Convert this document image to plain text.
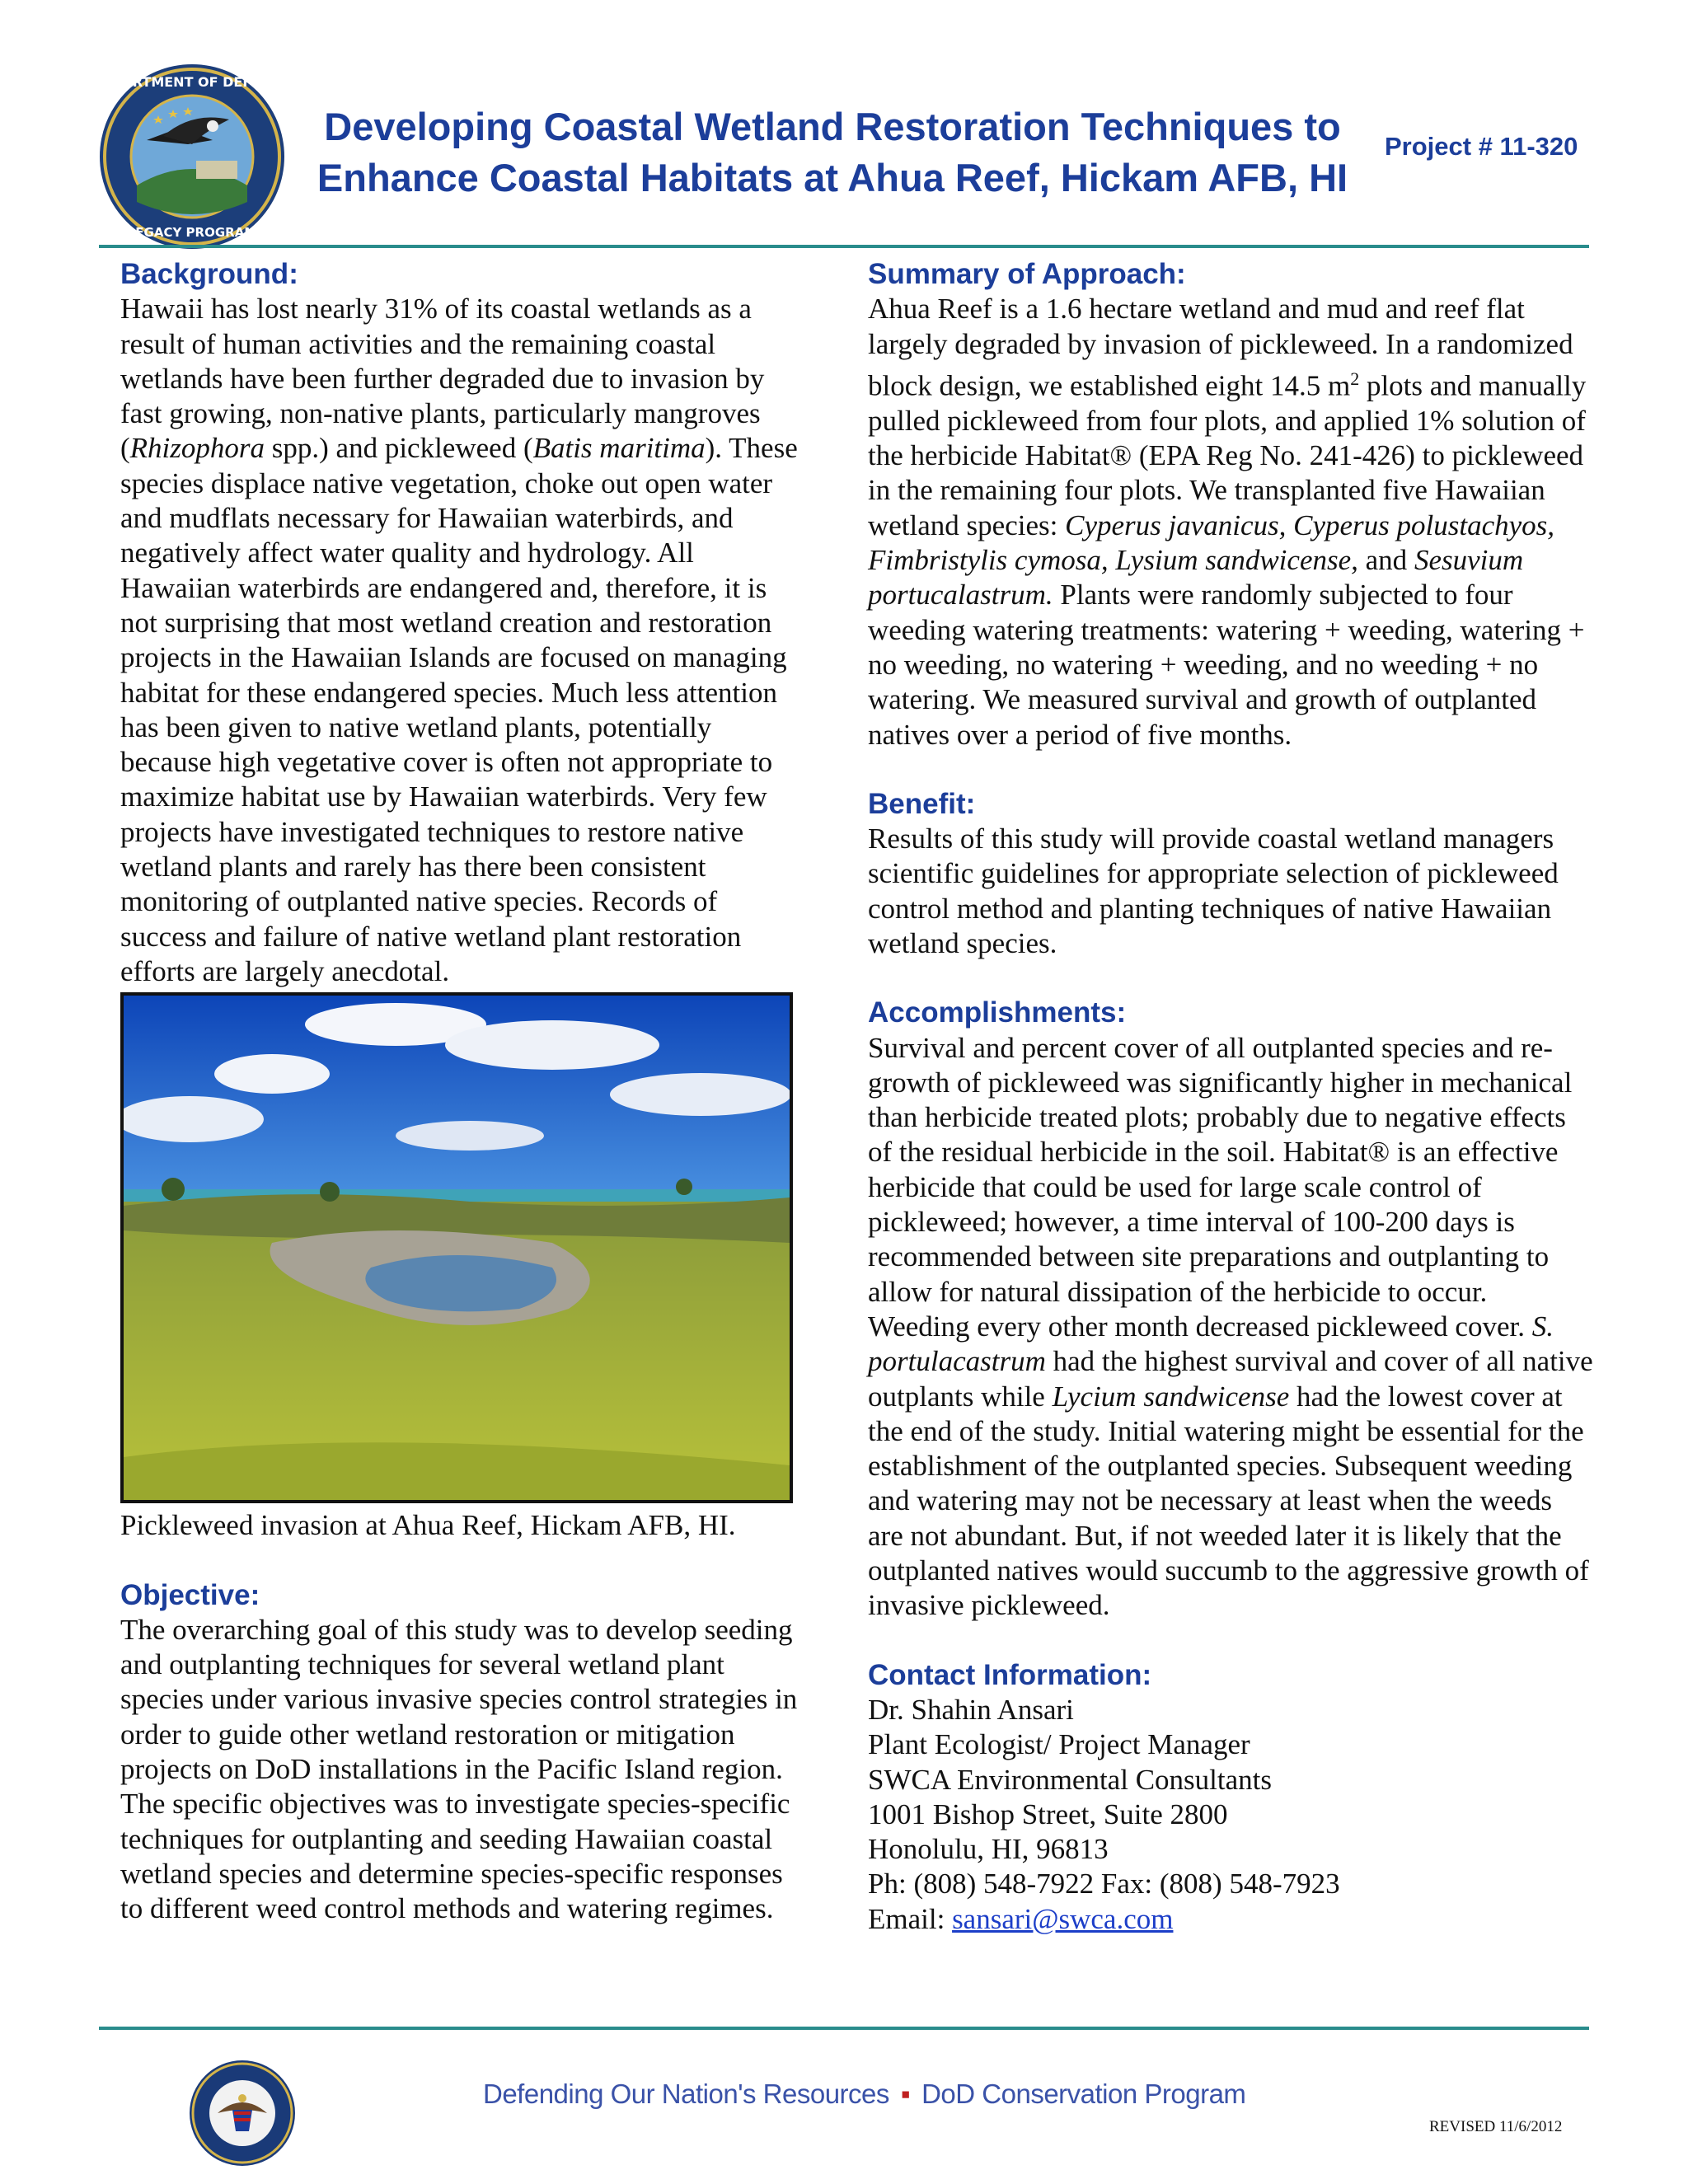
DEPARTMENT OF DEFENSE
LEGACY PROGRAM
Developing Coastal Wetland Restoration Techniques to
Enhance Coastal Habitats at Ahua Reef, Hickam AFB, HI
Project # 11-320
Background:

Hawaii has lost nearly 31% of its coastal wetlands as a result of human activities and the remaining coastal wetlands have been further degraded due to invasion by fast growing, non-native plants, particularly mangroves (Rhizophora spp.) and pickleweed (Batis maritima). These species displace native vegetation, choke out open water and mudflats necessary for Hawaiian waterbirds, and negatively affect water quality and hydrology. All Hawaiian waterbirds are endangered and, therefore, it is not surprising that most wetland creation and restoration projects in the Hawaiian Islands are focused on managing habitat for these endangered species. Much less attention has been given to native wetland plants, potentially because high vegetative cover is often not appropriate to maximize habitat use by Hawaiian waterbirds. Very few projects have investigated techniques to restore native wetland plants and rarely has there been consistent monitoring of outplanted native species. Records of success and failure of native wetland plant restoration efforts are largely anecdotal.

Pickleweed invasion at Ahua Reef, Hickam AFB, HI.
Objective:

The overarching goal of this study was to develop seeding and outplanting techniques for several wetland plant species under various invasive species control strategies in order to guide other wetland restoration or mitigation projects on DoD installations in the Pacific Island region. The specific objectives was to investigate species-specific techniques for outplanting and seeding Hawaiian coastal wetland species and determine species-specific responses to different weed control methods and watering regimes.

Summary of Approach:

Ahua Reef is a 1.6 hectare wetland and mud and reef flat largely degraded by invasion of pickleweed. In a randomized block design, we established eight 14.5 $m^2$ plots and manually pulled pickleweed from four plots, and applied 1% solution of the herbicide Habitat® (EPA Reg No. 241-426) to pickleweed in the remaining four plots. We transplanted five Hawaiian wetland species: Cyperus javanicus, Cyperus polustachyos, Fimbristylis cymosa, Lysium sandwicense, and Sesuvium portucalastrum. Plants were randomly subjected to four weeding watering treatments: watering + weeding, watering + no weeding, no watering + weeding, and no weeding + no watering. We measured survival and growth of outplanted natives over a period of five months.

Benefit:

Results of this study will provide coastal wetland managers scientific guidelines for appropriate selection of pickleweed control method and planting techniques of native Hawaiian wetland species.

Accomplishments:

Survival and percent cover of all outplanted species and re-growth of pickleweed was significantly higher in mechanical than herbicide treated plots; probably due to negative effects of the residual herbicide in the soil. Habitat® is an effective herbicide that could be used for large scale control of pickleweed; however, a time interval of 100-200 days is recommended between site preparations and outplanting to allow for natural dissipation of the herbicide to occur. Weeding every other month decreased pickleweed cover. S. portulacastrum had the highest survival and cover of all native outplants while Lycium sandwicense had the lowest cover at the end of the study. Initial watering might be essential for the establishment of the outplanted species. Subsequent weeding and watering may not be necessary at least when the weeds are not abundant. But, if not weeded later it is likely that the outplanted natives would succumb to the aggressive growth of invasive pickleweed.

Contact Information:
Dr. Shahin Ansari
Plant Ecologist/ Project Manager
SWCA Environmental Consultants
1001 Bishop Street, Suite 2800
Honolulu, HI, 96813
Ph: (808) 548-7922 Fax: (808) 548-7923
Email: sansari@swca.com
Defending Our Nation's Resources ▪ DoD Conservation Program
REVISED 11/6/2012
